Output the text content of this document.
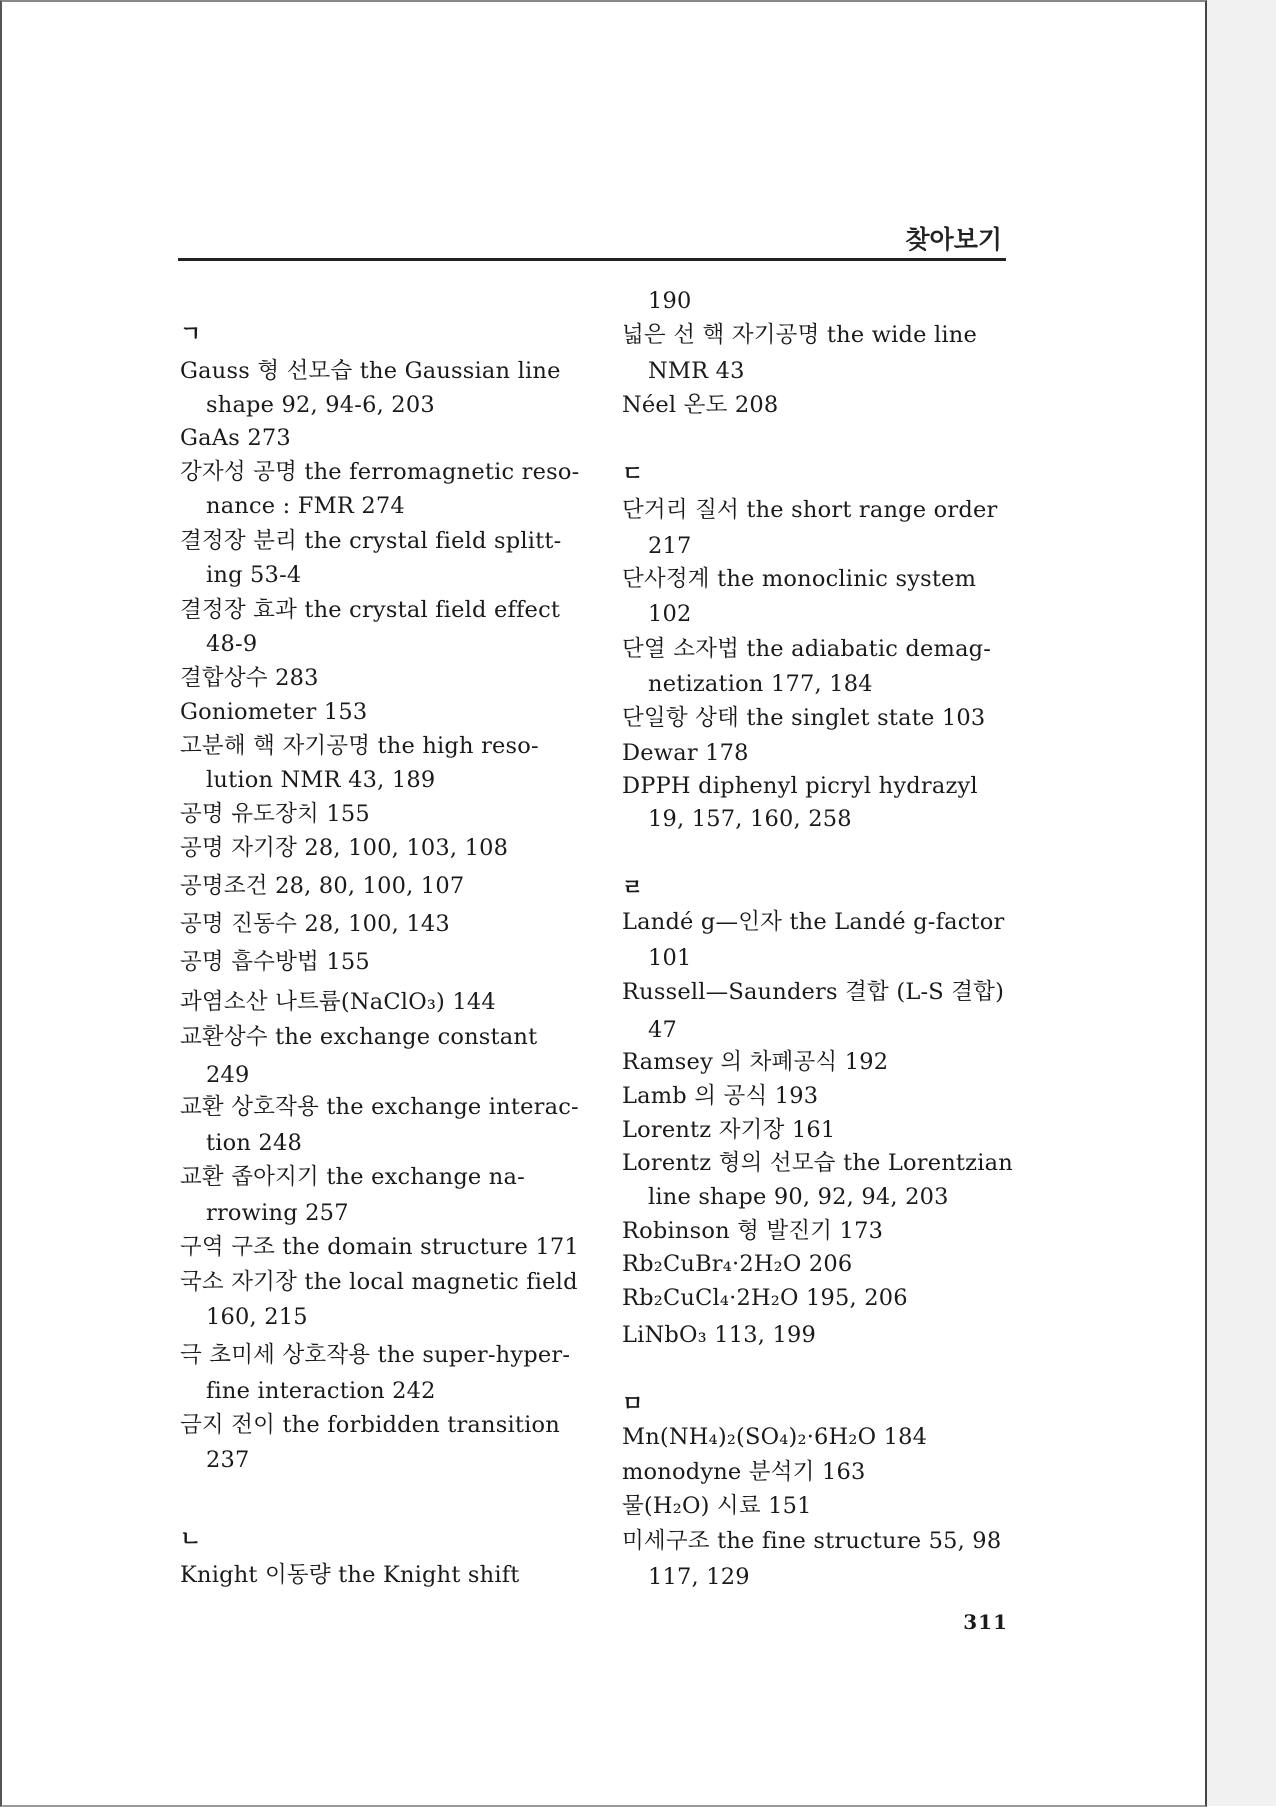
찾아보기
ㄱ
Gauss 형 선모습 the Gaussian line
shape 92, 94-6, 203
GaAs 273
강자성 공명 the ferromagnetic reso-
nance : FMR 274
결정장 분리 the crystal field splitt-
ing 53-4
결정장 효과 the crystal field effect
48-9
결합상수 283
Goniometer 153
고분해 핵 자기공명 the high reso-
lution NMR 43, 189
공명 유도장치 155
공명 자기장 28, 100, 103, 108
공명조건 28, 80, 100, 107
공명 진동수 28, 100, 143
공명 흡수방법 155
과염소산 나트륨(NaClO₃) 144
교환상수 the exchange constant
249
교환 상호작용 the exchange interac-
tion 248
교환 좁아지기 the exchange na-
rrowing 257
구역 구조 the domain structure 171
국소 자기장 the local magnetic field
160, 215
극 초미세 상호작용 the super-hyper-
fine interaction 242
금지 전이 the forbidden transition
237
ㄴ
Knight 이동량 the Knight shift
190
넓은 선 핵 자기공명 the wide line
NMR 43
Néel 온도 208
ㄷ
단거리 질서 the short range order
217
단사정계 the monoclinic system
102
단열 소자법 the adiabatic demag-
netization 177, 184
단일항 상태 the singlet state 103
Dewar 178
DPPH diphenyl picryl hydrazyl
19, 157, 160, 258
ㄹ
Landé g—인자 the Landé g-factor
101
Russell—Saunders 결합 (L-S 결합)
47
Ramsey 의 차폐공식 192
Lamb 의 공식 193
Lorentz 자기장 161
Lorentz 형의 선모습 the Lorentzian
line shape 90, 92, 94, 203
Robinson 형 발진기 173
Rb₂CuBr₄·2H₂O 206
Rb₂CuCl₄·2H₂O 195, 206
LiNbO₃ 113, 199
ㅁ
Mn(NH₄)₂(SO₄)₂·6H₂O 184
monodyne 분석기 163
물(H₂O) 시료 151
미세구조 the fine structure 55, 98
117, 129
311
